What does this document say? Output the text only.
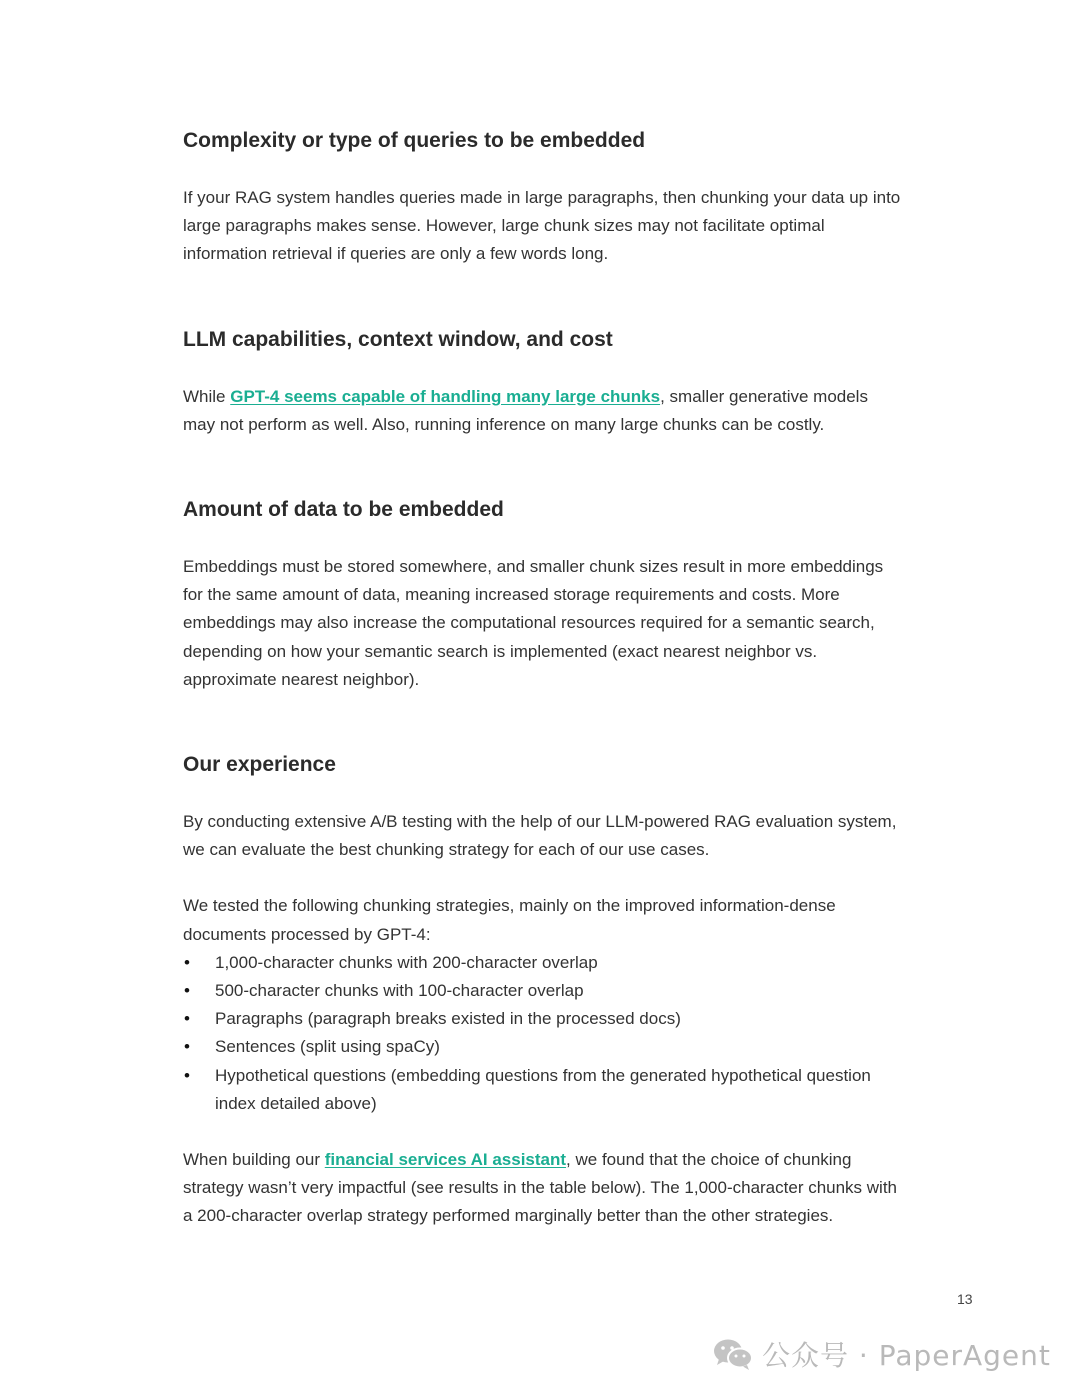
Complexity or type of queries to be embedded

If your RAG system handles queries made in large paragraphs, then chunking your data up into large paragraphs makes sense. However, large chunk sizes may not facilitate optimal information retrieval if queries are only a few words long.

LLM capabilities, context window, and cost

While GPT-4 seems capable of handling many large chunks, smaller generative models may not perform as well. Also, running inference on many large chunks can be costly.

Amount of data to be embedded

Embeddings must be stored somewhere, and smaller chunk sizes result in more embeddings for the same amount of data, meaning increased storage requirements and costs. More embeddings may also increase the computational resources required for a semantic search, depending on how your semantic search is implemented (exact nearest neighbor vs. approximate nearest neighbor).

Our experience

By conducting extensive A/B testing with the help of our LLM-powered RAG evaluation system, we can evaluate the best chunking strategy for each of our use cases.

We tested the following chunking strategies, mainly on the improved information-dense documents processed by GPT-4:

• 1,000-character chunks with 200-character overlap
• 500-character chunks with 100-character overlap
• Paragraphs (paragraph breaks existed in the processed docs)
• Sentences (split using spaCy)
• Hypothetical questions (embedding questions from the generated hypothetical question index detailed above)

When building our financial services AI assistant, we found that the choice of chunking strategy wasn’t very impactful (see results in the table below). The 1,000-character chunks with a 200-character overlap strategy performed marginally better than the other strategies.

13
公众号 · PaperAgent
